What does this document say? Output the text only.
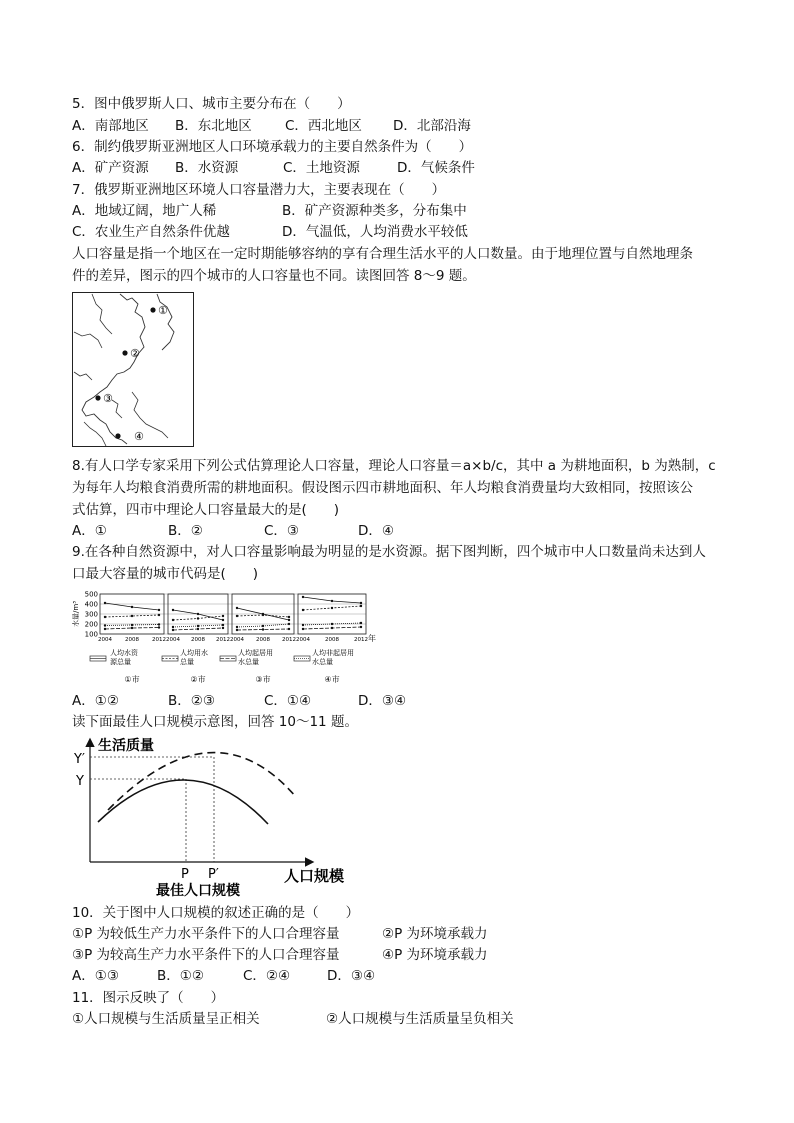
5．图中俄罗斯人口、城市主要分布在（　　）
A．南部地区 B．东北地区 C．西北地区 D．北部沿海
6．制约俄罗斯亚洲地区人口环境承载力的主要自然条件为（　　）
A．矿产资源 B．水资源	C．土地资源	D．气候条件
7．俄罗斯亚洲地区环境人口容量潜力大，主要表现在（　　）
A．地域辽阔，地广人稀	B．矿产资源种类多，分布集中
C．农业生产自然条件优越	D．气温低，人均消费水平较低
人口容量是指一个地区在一定时期能够容纳的享有合理生活水平的人口数量。由于地理位置与自然地理条
件的差异，图示的四个城市的人口容量也不同。读图回答 8～9 题。
①
②
③
④
8.有人口学专家采用下列公式估算理论人口容量，理论人口容量＝a×b/c，其中 a 为耕地面积，b 为熟制，c
为每年人均粮食消费所需的耕地面积。假设图示四市耕地面积、年人均粮食消费量均大致相同，按照该公
式估算，四市中理论人口容量最大的是(　　)
A．①	B．②	C．③	D．④
9.在各种自然资源中，对人口容量影响最为明显的是水资源。据下图判断，四个城市中人口数量尚未达到人
口最大容量的城市代码是(　　)
水量/m³
500
400
300
200
100
2004 2008 2012 2004 2008 2012 2004 2008 2012 2004	2008	2012 年
人均水资
源总量
人均用水
总量
人均起居用
水总量
人均非起居用
水总量
①市	②市	③市	④市
A．①②	B．②③	C．①④	D．③④
读下面最佳人口规模示意图，回答 10～11 题。
生活质量
Y′
Y
P P′	人口规模
最佳人口规模
10．关于图中人口规模的叙述正确的是（　　）
①P 为较低生产力水平条件下的人口合理容量	②P 为环境承载力
③P 为较高生产力水平条件下的人口合理容量	④P 为环境承载力
A．①③	B．①②	C．②④	D．③④
11．图示反映了（　　）
①人口规模与生活质量呈正相关	②人口规模与生活质量呈负相关
